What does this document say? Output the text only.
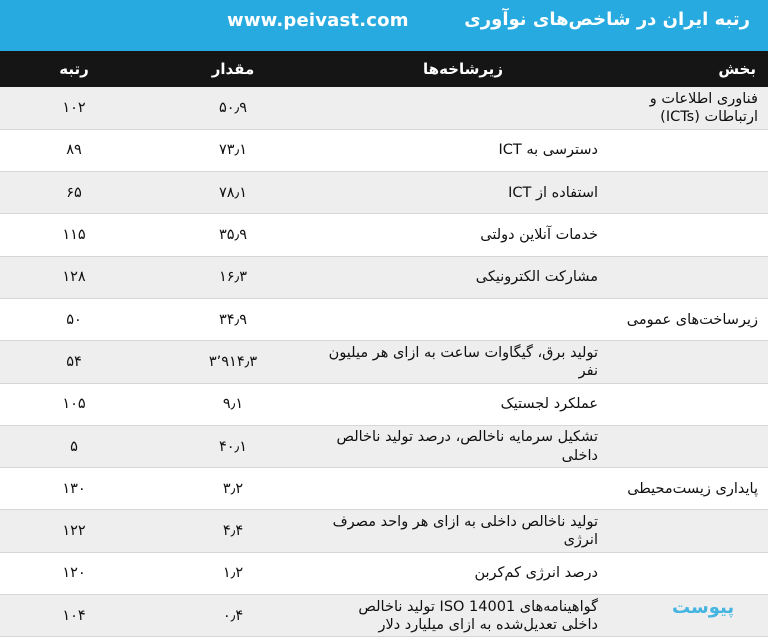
www.peivast.com	رتبه ایران در شاخص‌های نوآوری
بخش	زیرشاخه‌ها	مقدار	رتبه
فناوری اطلاعات و ارتباطات (ICTs)		۵۰٫۹	۱۰۲
	دسترسی به ICT	۷۳٫۱	۸۹
	استفاده از ICT	۷۸٫۱	۶۵
	خدمات آنلاین دولتی	۳۵٫۹	۱۱۵
	مشارکت الکترونیکی	۱۶٫۳	۱۲۸
زیرساخت‌های عمومی		۳۴٫۹	۵۰
	تولید برق، گیگاوات ساعت به ازای هر میلیون نفر	۳٬۹۱۴٫۳	۵۴
	عملکرد لجستیک	۹٫۱	۱۰۵
	تشکیل سرمایه ناخالص، درصد تولید ناخالص داخلی	۴۰٫۱	۵
پایداری زیست‌محیطی		۳٫۲	۱۳۰
	تولید ناخالص داخلی به ازای هر واحد مصرف انرژی	۴٫۴	۱۲۲
	درصد انرژی کم‌کربن	۱٫۲	۱۲۰
	گواهینامه‌های ISO 14001 تولید ناخالص داخلی تعدیل‌شده به ازای میلیارد دلار	۰٫۴	۱۰۴	پیوست
